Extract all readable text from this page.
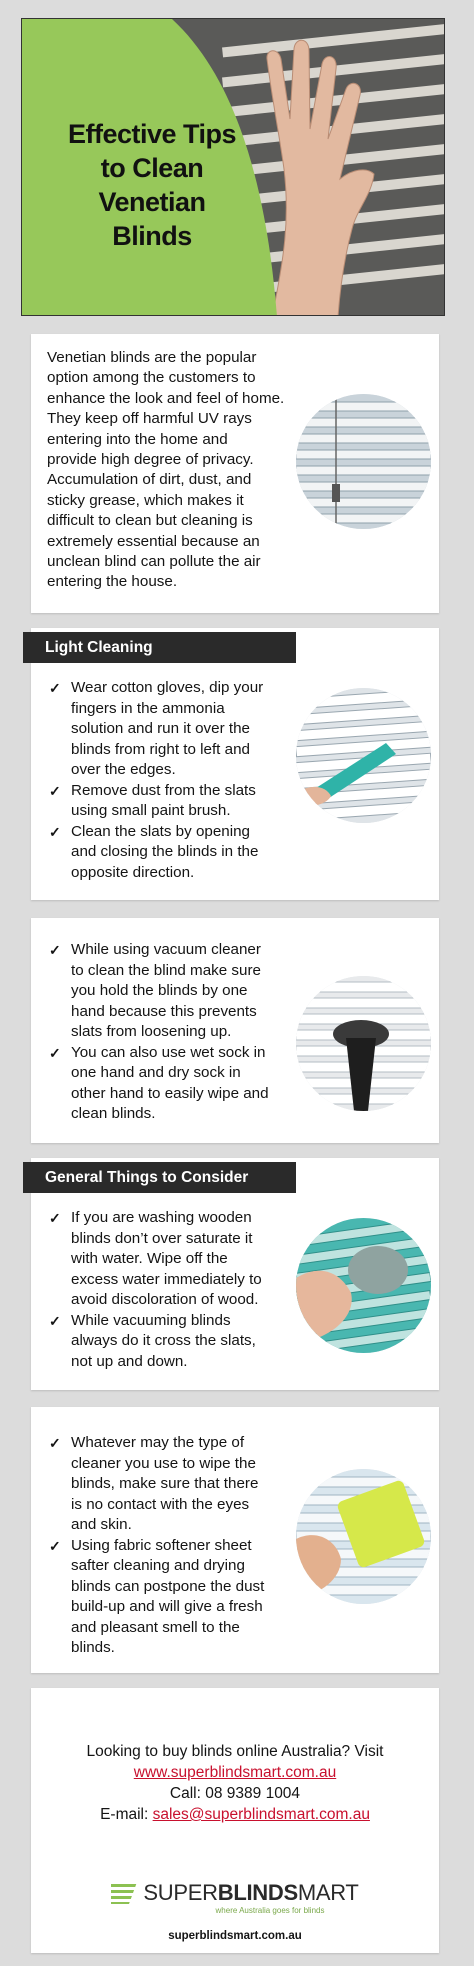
Effective Tips
to Clean
Venetian
Blinds
Venetian blinds are the popular
option among the customers to
enhance the look and feel of home.
They keep off harmful UV rays
entering into the home and
provide high degree of privacy.
Accumulation of dirt, dust, and
sticky grease, which makes it
difficult to clean but cleaning is
extremely essential because an
unclean blind can pollute the air
entering the house.
✓ Wear cotton gloves, dip your
fingers in the ammonia
solution and run it over the
blinds from right to left and
over the edges.
✓ Remove dust from the slats
using small paint brush.
✓ Clean the slats by opening
and closing the blinds in the
opposite direction.
Light Cleaning
✓ While using vacuum cleaner
to clean the blind make sure
you hold the blinds by one
hand because this prevents
slats from loosening up.
✓ You can also use wet sock in
one hand and dry sock in
other hand to easily wipe and
clean blinds.
✓ If you are washing wooden
blinds don’t over saturate it
with water. Wipe off the
excess water immediately to
avoid discoloration of wood.
✓ While vacuuming blinds
always do it cross the slats,
not up and down.
General Things to Consider
✓ Whatever may the type of
cleaner you use to wipe the
blinds, make sure that there
is no contact with the eyes
and skin.
✓ Using fabric softener sheet
safter cleaning and drying
blinds can postpone the dust
build-up and will give a fresh
and pleasant smell to the
blinds.
Looking to buy blinds online Australia? Visit
www.superblindsmart.com.au
Call: 08 9389 1004
E-mail: sales@superblindsmart.com.au
SUPERBLINDSMART
where Australia goes for blinds
superblindsmart.com.au
